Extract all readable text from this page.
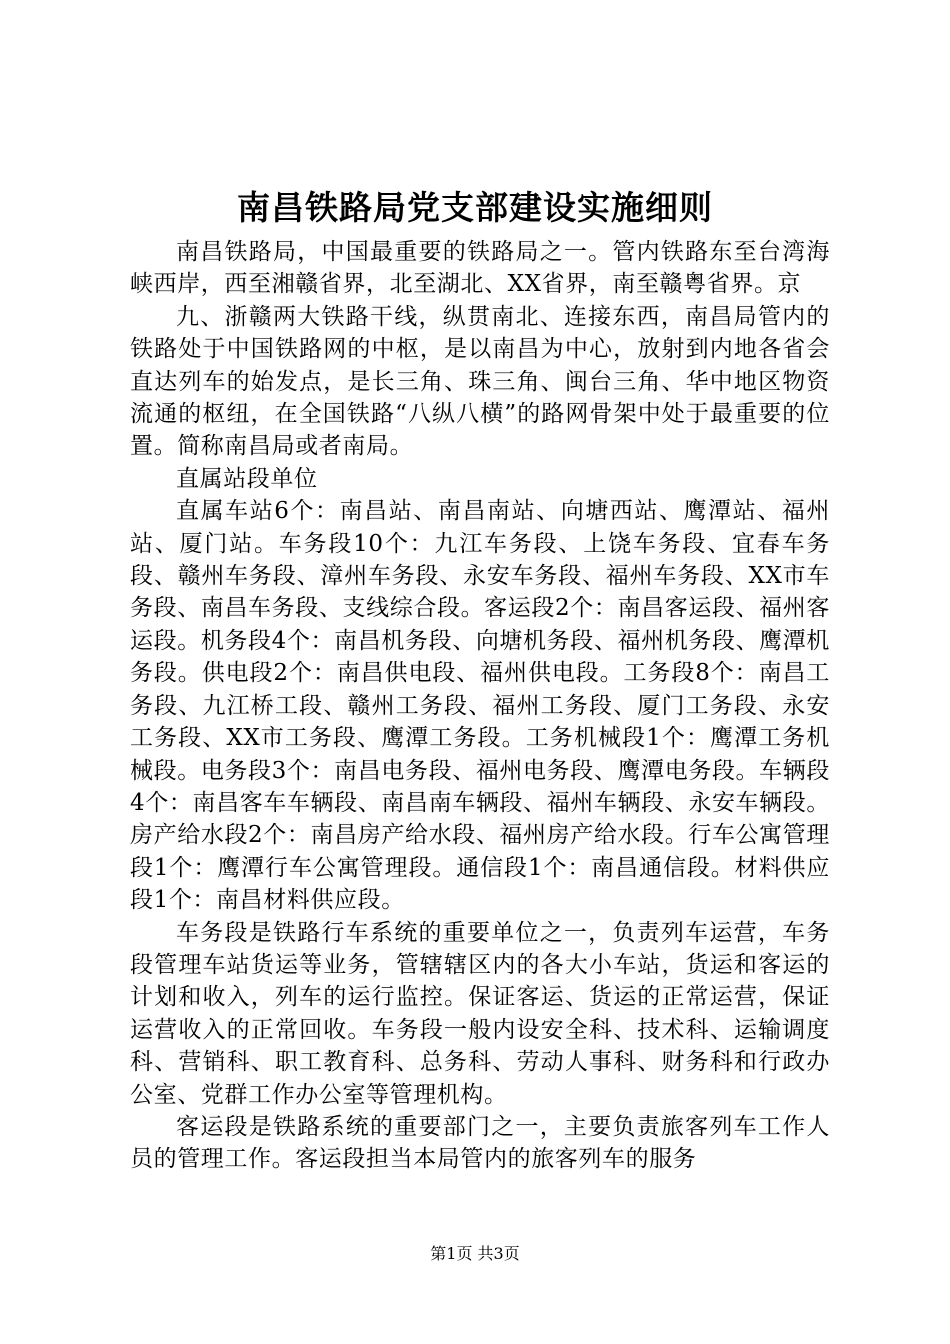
南昌铁路局党支部建设实施细则

南昌铁路局，中国最重要的铁路局之一。管内铁路东至台湾海峡西岸，西至湘赣省界，北至湖北、XX省界，南至赣粤省界。京

九、浙赣两大铁路干线，纵贯南北、连接东西，南昌局管内的铁路处于中国铁路网的中枢，是以南昌为中心，放射到内地各省会直达列车的始发点，是长三角、珠三角、闽台三角、华中地区物资流通的枢纽，在全国铁路“八纵八横”的路网骨架中处于最重要的位置。简称南昌局或者南局。

直属站段单位

直属车站6个：南昌站、南昌南站、向塘西站、鹰潭站、福州站、厦门站。车务段10个：九江车务段、上饶车务段、宜春车务段、赣州车务段、漳州车务段、永安车务段、福州车务段、XX市车务段、南昌车务段、支线综合段。客运段2个：南昌客运段、福州客运段。机务段4个：南昌机务段、向塘机务段、福州机务段、鹰潭机务段。供电段2个：南昌供电段、福州供电段。工务段8个：南昌工务段、九江桥工段、赣州工务段、福州工务段、厦门工务段、永安工务段、XX市工务段、鹰潭工务段。工务机械段1个：鹰潭工务机械段。电务段3个：南昌电务段、福州电务段、鹰潭电务段。车辆段4个：南昌客车车辆段、南昌南车辆段、福州车辆段、永安车辆段。房产给水段2个：南昌房产给水段、福州房产给水段。行车公寓管理段1个：鹰潭行车公寓管理段。通信段1个：南昌通信段。材料供应段1个：南昌材料供应段。

车务段是铁路行车系统的重要单位之一，负责列车运营，车务段管理车站货运等业务，管辖辖区内的各大小车站，货运和客运的计划和收入，列车的运行监控。保证客运、货运的正常运营，保证运营收入的正常回收。车务段一般内设安全科、技术科、运输调度科、营销科、职工教育科、总务科、劳动人事科、财务科和行政办公室、党群工作办公室等管理机构。

客运段是铁路系统的重要部门之一，主要负责旅客列车工作人员的管理工作。客运段担当本局管内的旅客列车的服务

第1页 共3页
